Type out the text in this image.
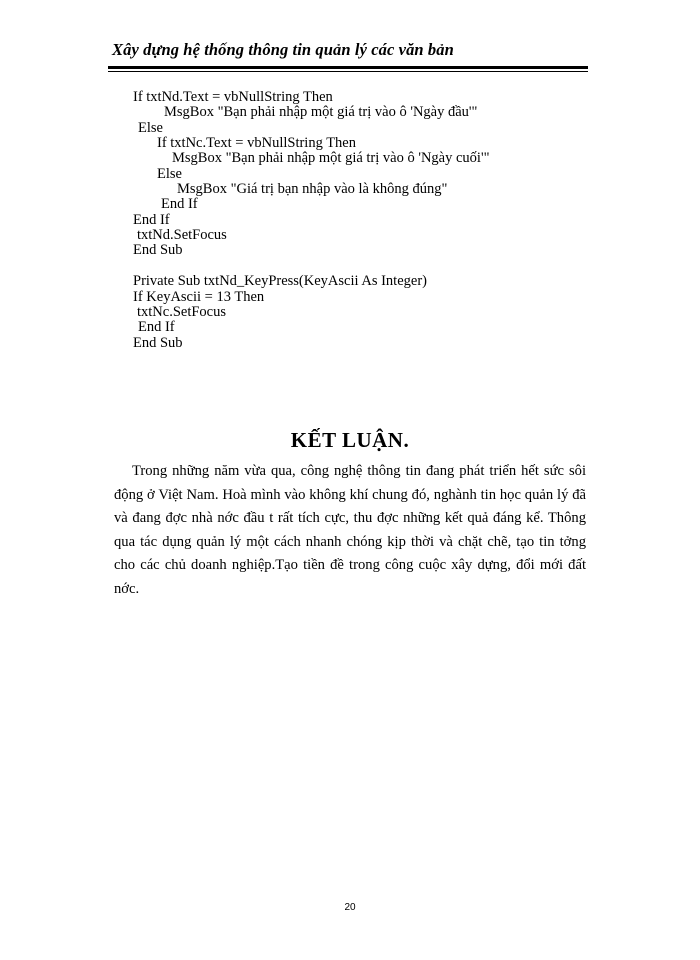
Xây dựng hệ thống thông tin quản lý các văn bản
If txtNd.Text = vbNullString Then
MsgBox "Bạn phải nhập một giá trị vào ô 'Ngày đầu'"
Else
If txtNc.Text = vbNullString Then
MsgBox "Bạn phải nhập một giá trị vào ô 'Ngày cuối'"
Else
MsgBox "Giá trị bạn nhập vào là không đúng"
End If
End If
txtNd.SetFocus
End Sub
Private Sub txtNd_KeyPress(KeyAscii As Integer)
If KeyAscii = 13 Then
txtNc.SetFocus
End If
End Sub
KẾT LUẬN.

Trong những năm vừa qua, công nghệ thông tin đang phát triển hết sức sôi động ở Việt Nam. Hoà mình vào không khí chung đó, nghành tin học quản lý đã và đang đợc nhà nớc đầu t rất tích cực, thu đợc những kết quả đáng kể. Thông qua tác dụng quản lý một cách nhanh chóng kịp thời và chặt chẽ, tạo tin tởng cho các chủ doanh nghiệp.Tạo tiền đề trong công cuộc xây dựng, đổi mới đất nớc.

20
